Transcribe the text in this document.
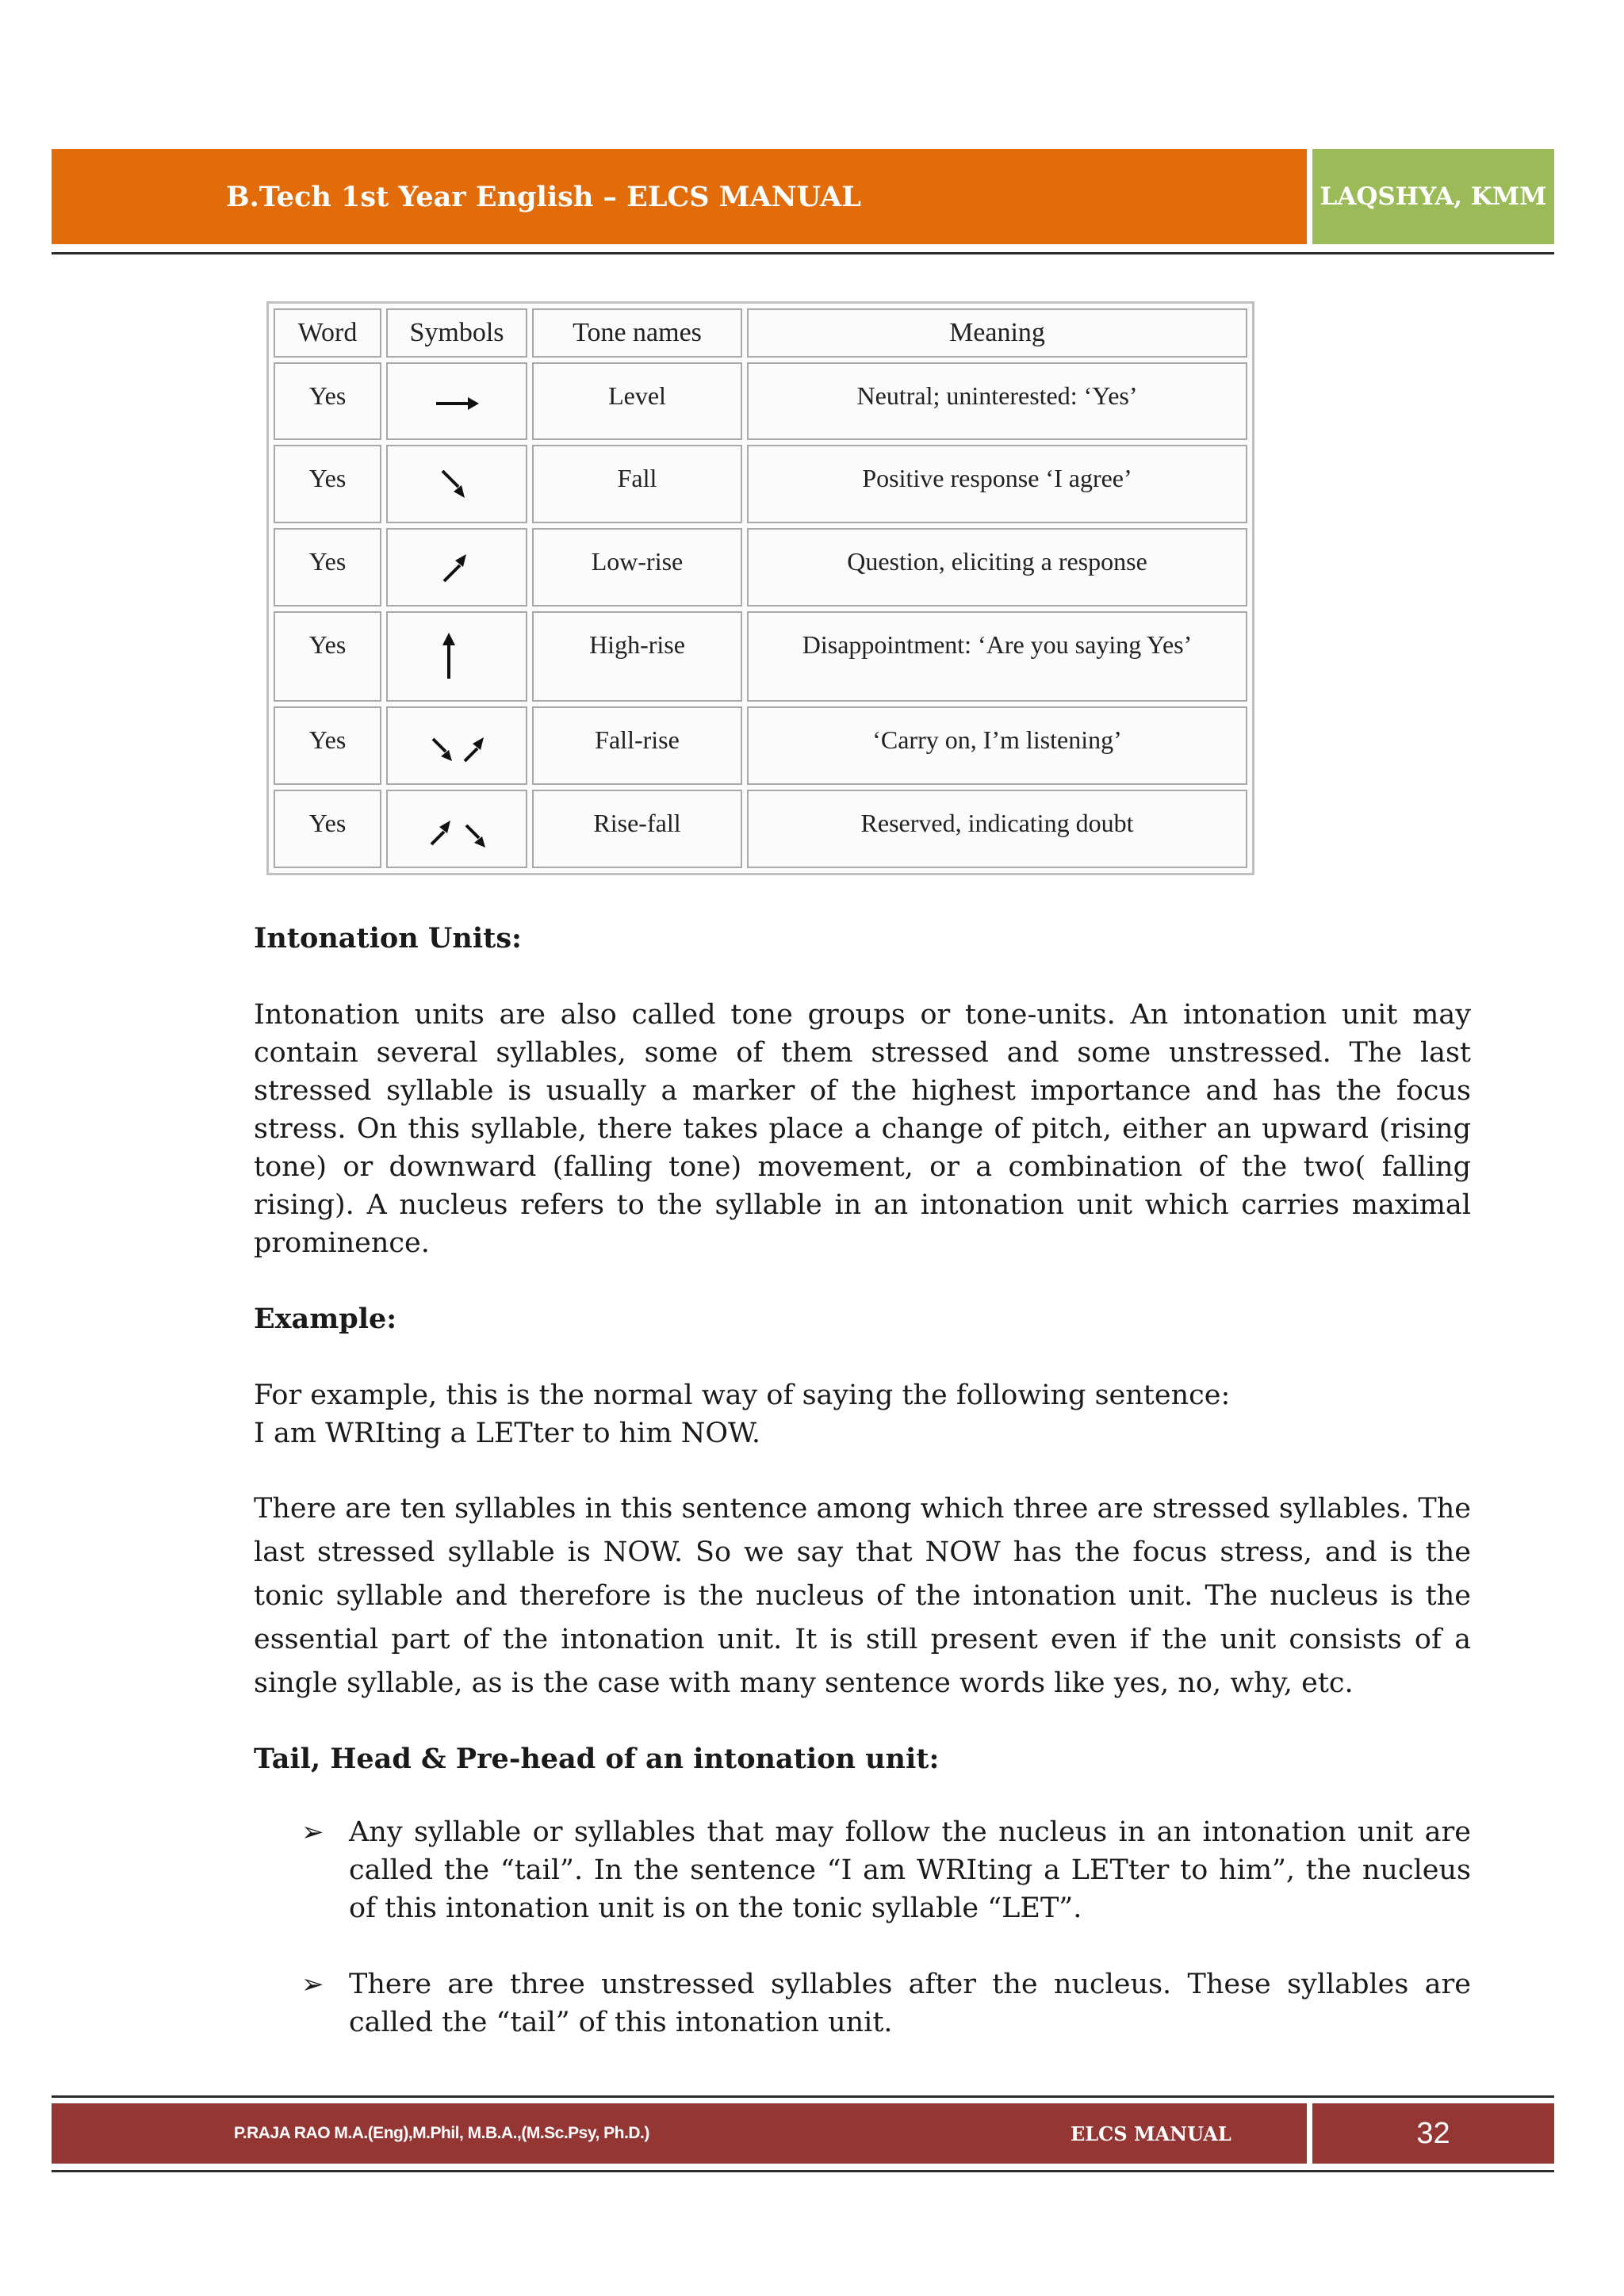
B.Tech 1st Year English – ELCS MANUAL	LAQSHYA, KMM
Word	Symbols	Tone names	Meaning
Yes		Level	Neutral; uninterested: ‘Yes’
Yes		Fall	Positive response ‘I agree’
Yes		Low-rise	Question, eliciting a response
Yes		High-rise	Disappointment: ‘Are you saying Yes’
Yes		Fall-rise	‘Carry on, I’m listening’
Yes		Rise-fall	Reserved, indicating doubt

Intonation Units:

Intonation units are also called tone groups or tone-units. An intonation unit may contain several syllables, some of them stressed and some unstressed. The last stressed syllable is usually a marker of the highest importance and has the focus stress. On this syllable, there takes place a change of pitch, either an upward (rising tone) or downward (falling tone) movement, or a combination of the two( falling rising). A nucleus refers to the syllable in an intonation unit which carries maximal prominence.

Example:

For example, this is the normal way of saying the following sentence:

I am WRIting a LETter to him NOW.

There are ten syllables in this sentence among which three are stressed syllables. The last stressed syllable is NOW. So we say that NOW has the focus stress, and is the tonic syllable and therefore is the nucleus of the intonation unit. The nucleus is the essential part of the intonation unit. It is still present even if the unit consists of a single syllable, as is the case with many sentence words like yes, no, why, etc.

Tail, Head & Pre-head of an intonation unit:

➢ Any syllable or syllables that may follow the nucleus in an intonation unit are called the “tail”. In the sentence “I am WRIting a LETter to him”, the nucleus of this intonation unit is on the tonic syllable “LET”.
➢ There are three unstressed syllables after the nucleus. These syllables are called the “tail” of this intonation unit.
P.RAJA RAO M.A.(Eng),M.Phil, M.B.A.,(M.Sc.Psy, Ph.D.)	ELCS MANUAL	32
